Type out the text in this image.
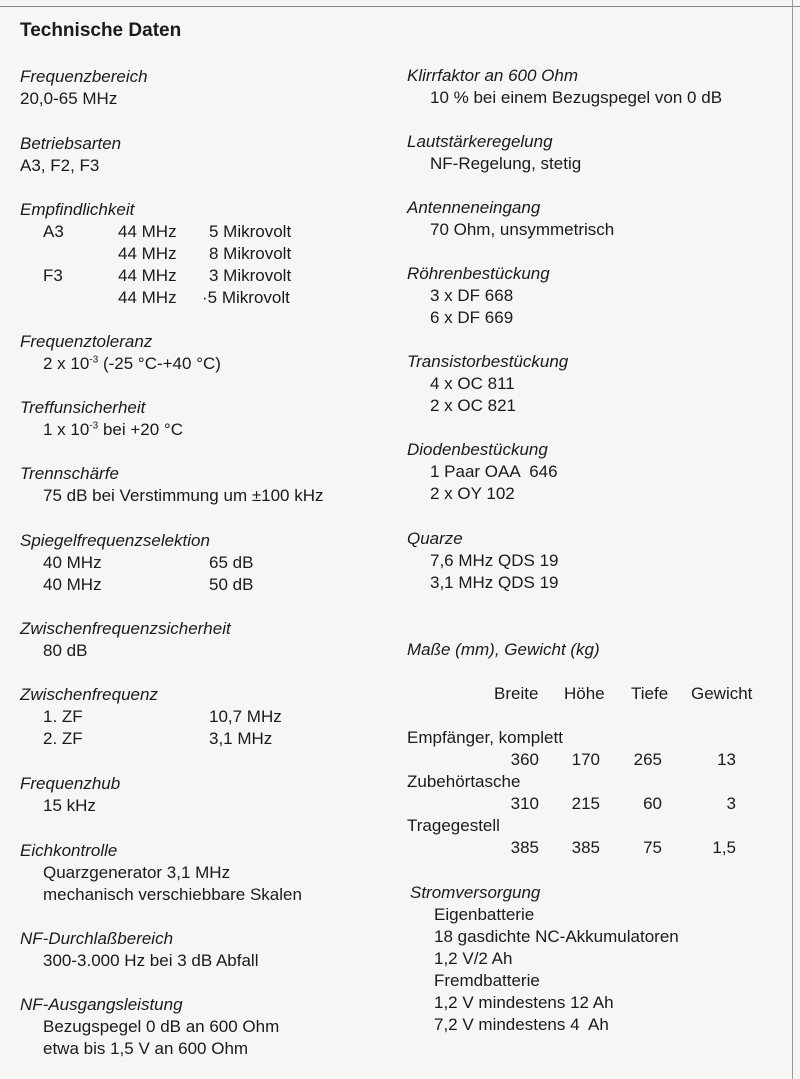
Technische Daten
Frequenzbereich
20,0-65 MHz
Betriebsarten
A3, F2, F3
Empfindlichkeit
A3	44 MHz 5 Mikrovolt
44 MHz 8 Mikrovolt
F3	44 MHz 3 Mikrovolt
44 MHz ·5 Mikrovolt
Frequenztoleranz
2 x $10^{-3}$ (-25 °C-+40 °C)
Treffunsicherheit
1 x $10^{-3}$ bei +20 °C
Trennschärfe
75 dB bei Verstimmung um ±100 kHz
Spiegelfrequenzselektion
40 MHz	65 dB
40 MHz	50 dB
Zwischenfrequenzsicherheit
80 dB
Zwischenfrequenz
1. ZF	10,7 MHz
2. ZF	3,1 MHz
Frequenzhub
15 kHz
Eichkontrolle
Quarzgenerator 3,1 MHz
mechanisch verschiebbare Skalen
NF-Durchlaßbereich
300-3.000 Hz bei 3 dB Abfall
NF-Ausgangsleistung
Bezugspegel 0 dB an 600 Ohm
etwa bis 1,5 V an 600 Ohm
Klirrfaktor an 600 Ohm
10 % bei einem Bezugspegel von 0 dB
Lautstärkeregelung
NF-Regelung, stetig
Antenneneingang
70 Ohm, unsymmetrisch
Röhrenbestückung
3 x DF 668
6 x DF 669
Transistorbestückung
4 x OC 811
2 x OC 821
Diodenbestückung
1 Paar OAA  646
2 x OY 102
Quarze
7,6 MHz QDS 19
3,1 MHz QDS 19
Maße (mm), Gewicht (kg)
Breite Höhe Tiefe Gewicht
Empfänger, komplett
360	170	265	13
Zubehörtasche
310	215	60	3
Tragegestell
385	385	75	1,5
Stromversorgung
Eigenbatterie
18 gasdichte NC-Akkumulatoren
1,2 V/2 Ah
Fremdbatterie
1,2 V mindestens 12 Ah
7,2 V mindestens 4  Ah
